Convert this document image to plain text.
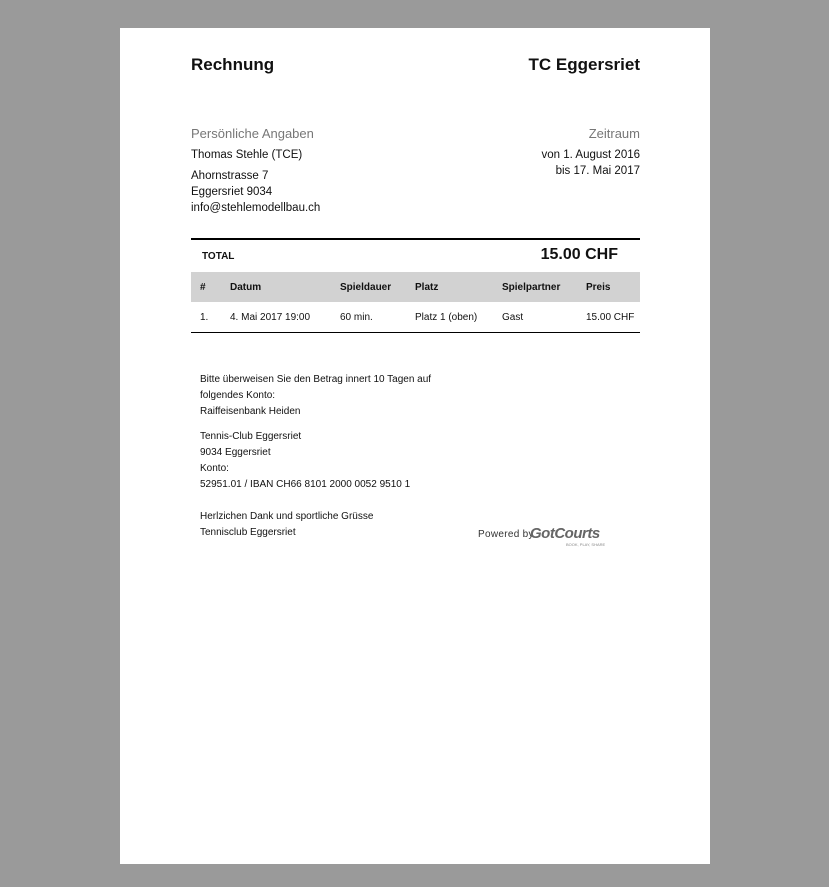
Rechnung	TC Eggersriet
Persönliche Angaben	Zeitraum
Thomas Stehle (TCE)
Ahornstrasse 7
Eggersriet 9034
info@stehlemodellbau.ch
von 1. August 2016
bis 17. Mai 2017
TOTAL	15.00 CHF
#	Datum	Spieldauer	Platz	Spielpartner	Preis
1.	4. Mai 2017 19:00	60 min.	Platz 1 (oben)	Gast	15.00 CHF
Bitte überweisen Sie den Betrag innert 10 Tagen auf
folgendes Konto:
Raiffeisenbank Heiden
Tennis-Club Eggersriet
9034 Eggersriet
Konto:
52951.01 / IBAN CH66 8101 2000 0052 9510 1
Herlzichen Dank und sportliche Grüsse
Tennisclub Eggersriet	Powered by
GotCourts
BOOK, PLAY, SHARE
